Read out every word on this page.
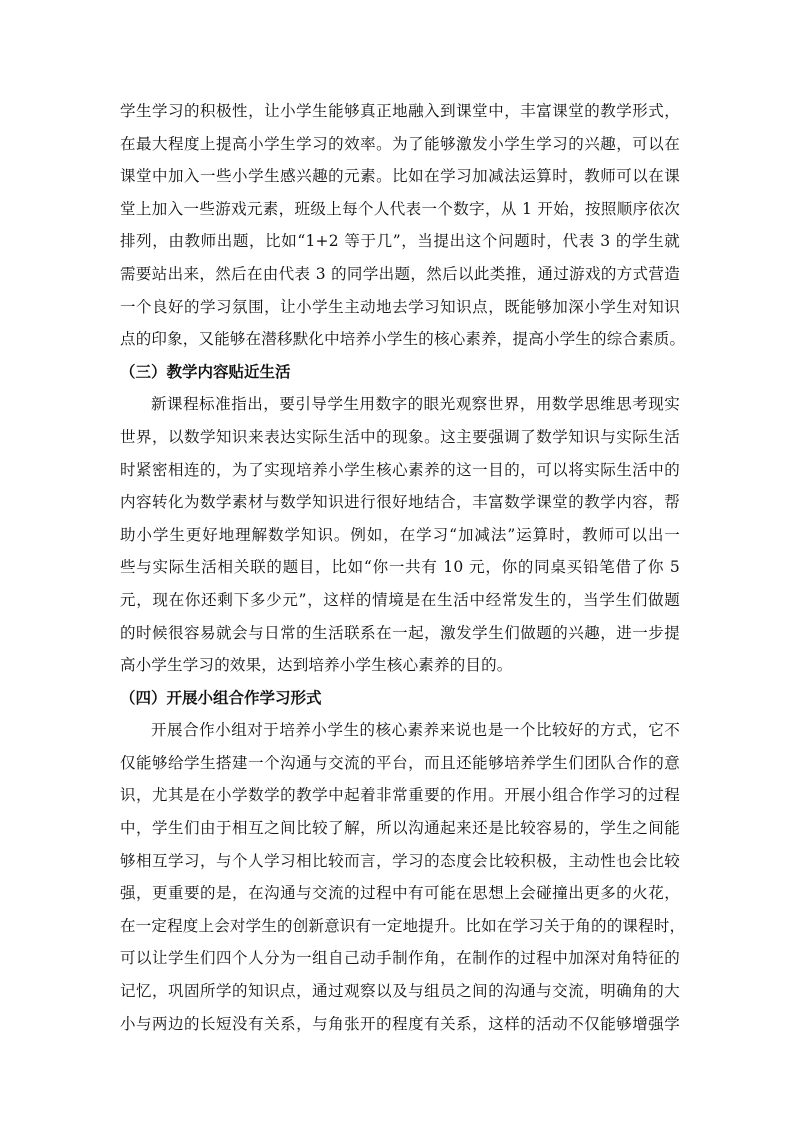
学生学习的积极性，让小学生能够真正地融入到课堂中，丰富课堂的教学形式，
在最大程度上提高小学生学习的效率。为了能够激发小学生学习的兴趣，可以在
课堂中加入一些小学生感兴趣的元素。比如在学习加减法运算时，教师可以在课
堂上加入一些游戏元素，班级上每个人代表一个数字，从 1 开始，按照顺序依次
排列，由教师出题，比如“1+2 等于几”，当提出这个问题时，代表 3 的学生就
需要站出来，然后在由代表 3 的同学出题，然后以此类推，通过游戏的方式营造
一个良好的学习氛围，让小学生主动地去学习知识点，既能够加深小学生对知识
点的印象，又能够在潜移默化中培养小学生的核心素养，提高小学生的综合素质。
（三）教学内容贴近生活
新课程标准指出，要引导学生用数字的眼光观察世界，用数学思维思考现实
世界，以数学知识来表达实际生活中的现象。这主要强调了数学知识与实际生活
时紧密相连的，为了实现培养小学生核心素养的这一目的，可以将实际生活中的
内容转化为数学素材与数学知识进行很好地结合，丰富数学课堂的教学内容，帮
助小学生更好地理解数学知识。例如，在学习“加减法”运算时，教师可以出一
些与实际生活相关联的题目，比如“你一共有 10 元，你的同桌买铅笔借了你 5
元，现在你还剩下多少元”，这样的情境是在生活中经常发生的，当学生们做题
的时候很容易就会与日常的生活联系在一起，激发学生们做题的兴趣，进一步提
高小学生学习的效果，达到培养小学生核心素养的目的。
（四）开展小组合作学习形式
开展合作小组对于培养小学生的核心素养来说也是一个比较好的方式，它不
仅能够给学生搭建一个沟通与交流的平台，而且还能够培养学生们团队合作的意
识，尤其是在小学数学的教学中起着非常重要的作用。开展小组合作学习的过程
中，学生们由于相互之间比较了解，所以沟通起来还是比较容易的，学生之间能
够相互学习，与个人学习相比较而言，学习的态度会比较积极，主动性也会比较
强，更重要的是，在沟通与交流的过程中有可能在思想上会碰撞出更多的火花，
在一定程度上会对学生的创新意识有一定地提升。比如在学习关于角的的课程时，
可以让学生们四个人分为一组自己动手制作角，在制作的过程中加深对角特征的
记忆，巩固所学的知识点，通过观察以及与组员之间的沟通与交流，明确角的大
小与两边的长短没有关系，与角张开的程度有关系，这样的活动不仅能够增强学
